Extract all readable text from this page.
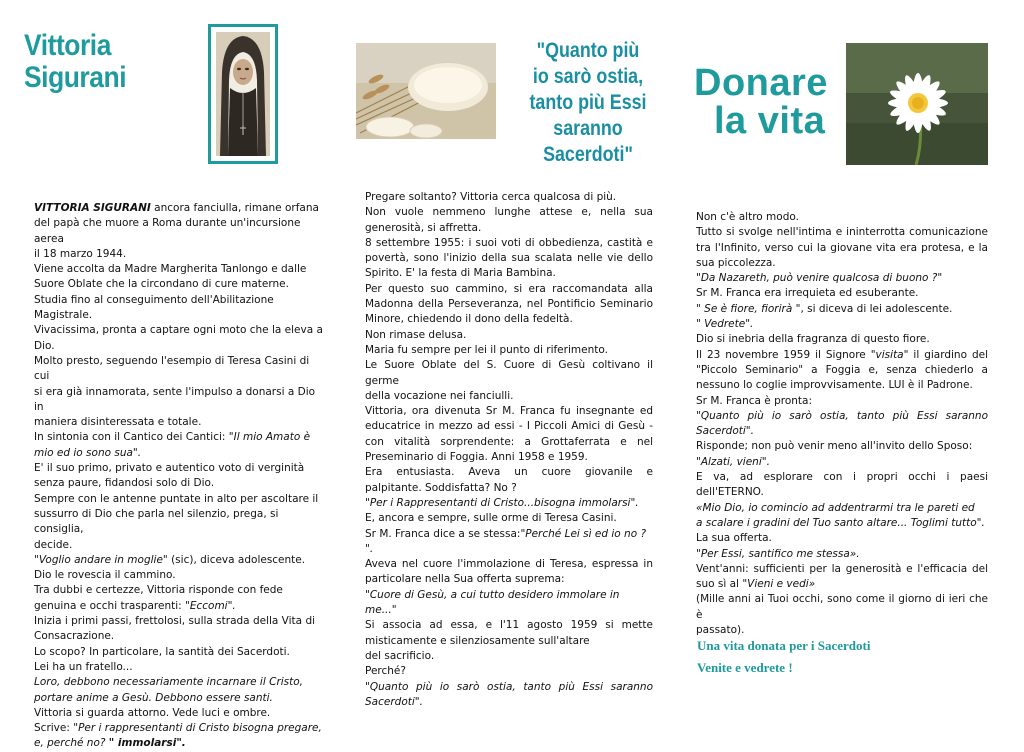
Vittoria
Sigurani
"Quanto più
io sarò ostia,
tanto più Essi
saranno Sacerdoti"
Donare
la vita

VITTORIA SIGURANI ancora fanciulla, rimane orfana

del papà che muore a Roma durante un'incursione aerea

il 18 marzo 1944.

Viene accolta da Madre Margherita Tanlongo e dalle

Suore Oblate che la circondano di cure materne.

Studia fino al conseguimento dell'Abilitazione

Magistrale.

Vivacissima, pronta a captare ogni moto che la eleva a

Dio.

Molto presto, seguendo l'esempio di Teresa Casini di cui

si era già innamorata, sente l'impulso a donarsi a Dio in

maniera disinteressata e totale.

In sintonia con il Cantico dei Cantici: "Il mio Amato è

mio ed io sono sua".

E' il suo primo, privato e autentico voto di verginità

senza paure, fidandosi solo di Dio.

Sempre con le antenne puntate in alto per ascoltare il

sussurro di Dio che parla nel silenzio, prega, si consiglia,

decide.

"Voglio andare in moglie" (sic), diceva adolescente.

Dio le rovescia il cammino.

Tra dubbi e certezze, Vittoria risponde con fede

genuina e occhi trasparenti: "Eccomi".

Inizia i primi passi, frettolosi, sulla strada della Vita di

Consacrazione.

Lo scopo? In particolare, la santità dei Sacerdoti.

Lei ha un fratello...

Loro, debbono necessariamente incarnare il Cristo,

portare anime a Gesù. Debbono essere santi.

Vittoria si guarda attorno. Vede luci e ombre.

Scrive: "Per i rappresentanti di Cristo bisogna pregare,

e, perché no? " immolarsi".

Pregare soltanto? Vittoria cerca qualcosa di più.

Non vuole nemmeno lunghe attese e, nella sua

generosità, si affretta.

8 settembre 1955: i suoi voti di obbedienza, castità e

povertà, sono l'inizio della sua scalata nelle vie dello

Spirito. E' la festa di Maria Bambina.

Per questo suo cammino, si era raccomandata alla

Madonna della Perseveranza, nel Pontificio Seminario

Minore, chiedendo il dono della fedeltà.

Non rimase delusa.

Maria fu sempre per lei il punto di riferimento.

Le Suore Oblate del S. Cuore di Gesù coltivano il germe

della vocazione nei fanciulli.

Vittoria, ora divenuta Sr M. Franca fu insegnante ed

educatrice in mezzo ad essi - I Piccoli Amici di Gesù -

con vitalità sorprendente: a Grottaferrata e nel

Preseminario di Foggia. Anni 1958 e 1959.

Era entusiasta. Aveva un cuore giovanile e

palpitante. Soddisfatta? No ?

"Per i Rappresentanti di Cristo...bisogna immolarsi".

E, ancora e sempre, sulle orme di Teresa Casini.

Sr M. Franca dice a se stessa:"Perché Lei sì ed io no ? ".

Aveva nel cuore l'immolazione di Teresa, espressa in

particolare nella Sua offerta suprema:

"Cuore di Gesù, a cui tutto desidero immolare in me..."

Si associa ad essa, e l'11 agosto 1959 si mette

misticamente e silenziosamente sull'altare

del sacrificio.

Perché?

"Quanto più io sarò ostia, tanto più Essi saranno

Sacerdoti".

Non c'è altro modo.

Tutto si svolge nell'intima e ininterrotta comunicazione

tra l'Infinito, verso cui la giovane vita era protesa, e la

sua piccolezza.

"Da Nazareth, può venire qualcosa di buono ?"

Sr M. Franca era irrequieta ed esuberante.

" Se è fiore, fiorirà ", si diceva di lei adolescente.

" Vedrete".

Dio si inebria della fragranza di questo fiore.

Il 23 novembre 1959 il Signore "visita" il giardino del

"Piccolo Seminario" a Foggia e, senza chiederlo a

nessuno lo coglie improvvisamente. LUI è il Padrone.

Sr M. Franca è pronta:

"Quanto più io sarò ostia, tanto più Essi saranno

Sacerdoti".

Risponde; non può venir meno all'invito dello Sposo:

"Alzati, vieni".

E va, ad esplorare con i propri occhi i paesi

dell'ETERNO.

«Mio Dio, io comincio ad addentrarmi tra le pareti ed

a scalare i gradini del Tuo santo altare... Toglimi tutto".

La sua offerta.

"Per Essi, santifico me stessa».

Vent'anni: sufficienti per la generosità e l'efficacia del

suo sì al "Vieni e vedi»

(Mille anni ai Tuoi occhi, sono come il giorno di ieri che è

passato).

Una vita donata per i Sacerdoti
Venite e vedrete !
